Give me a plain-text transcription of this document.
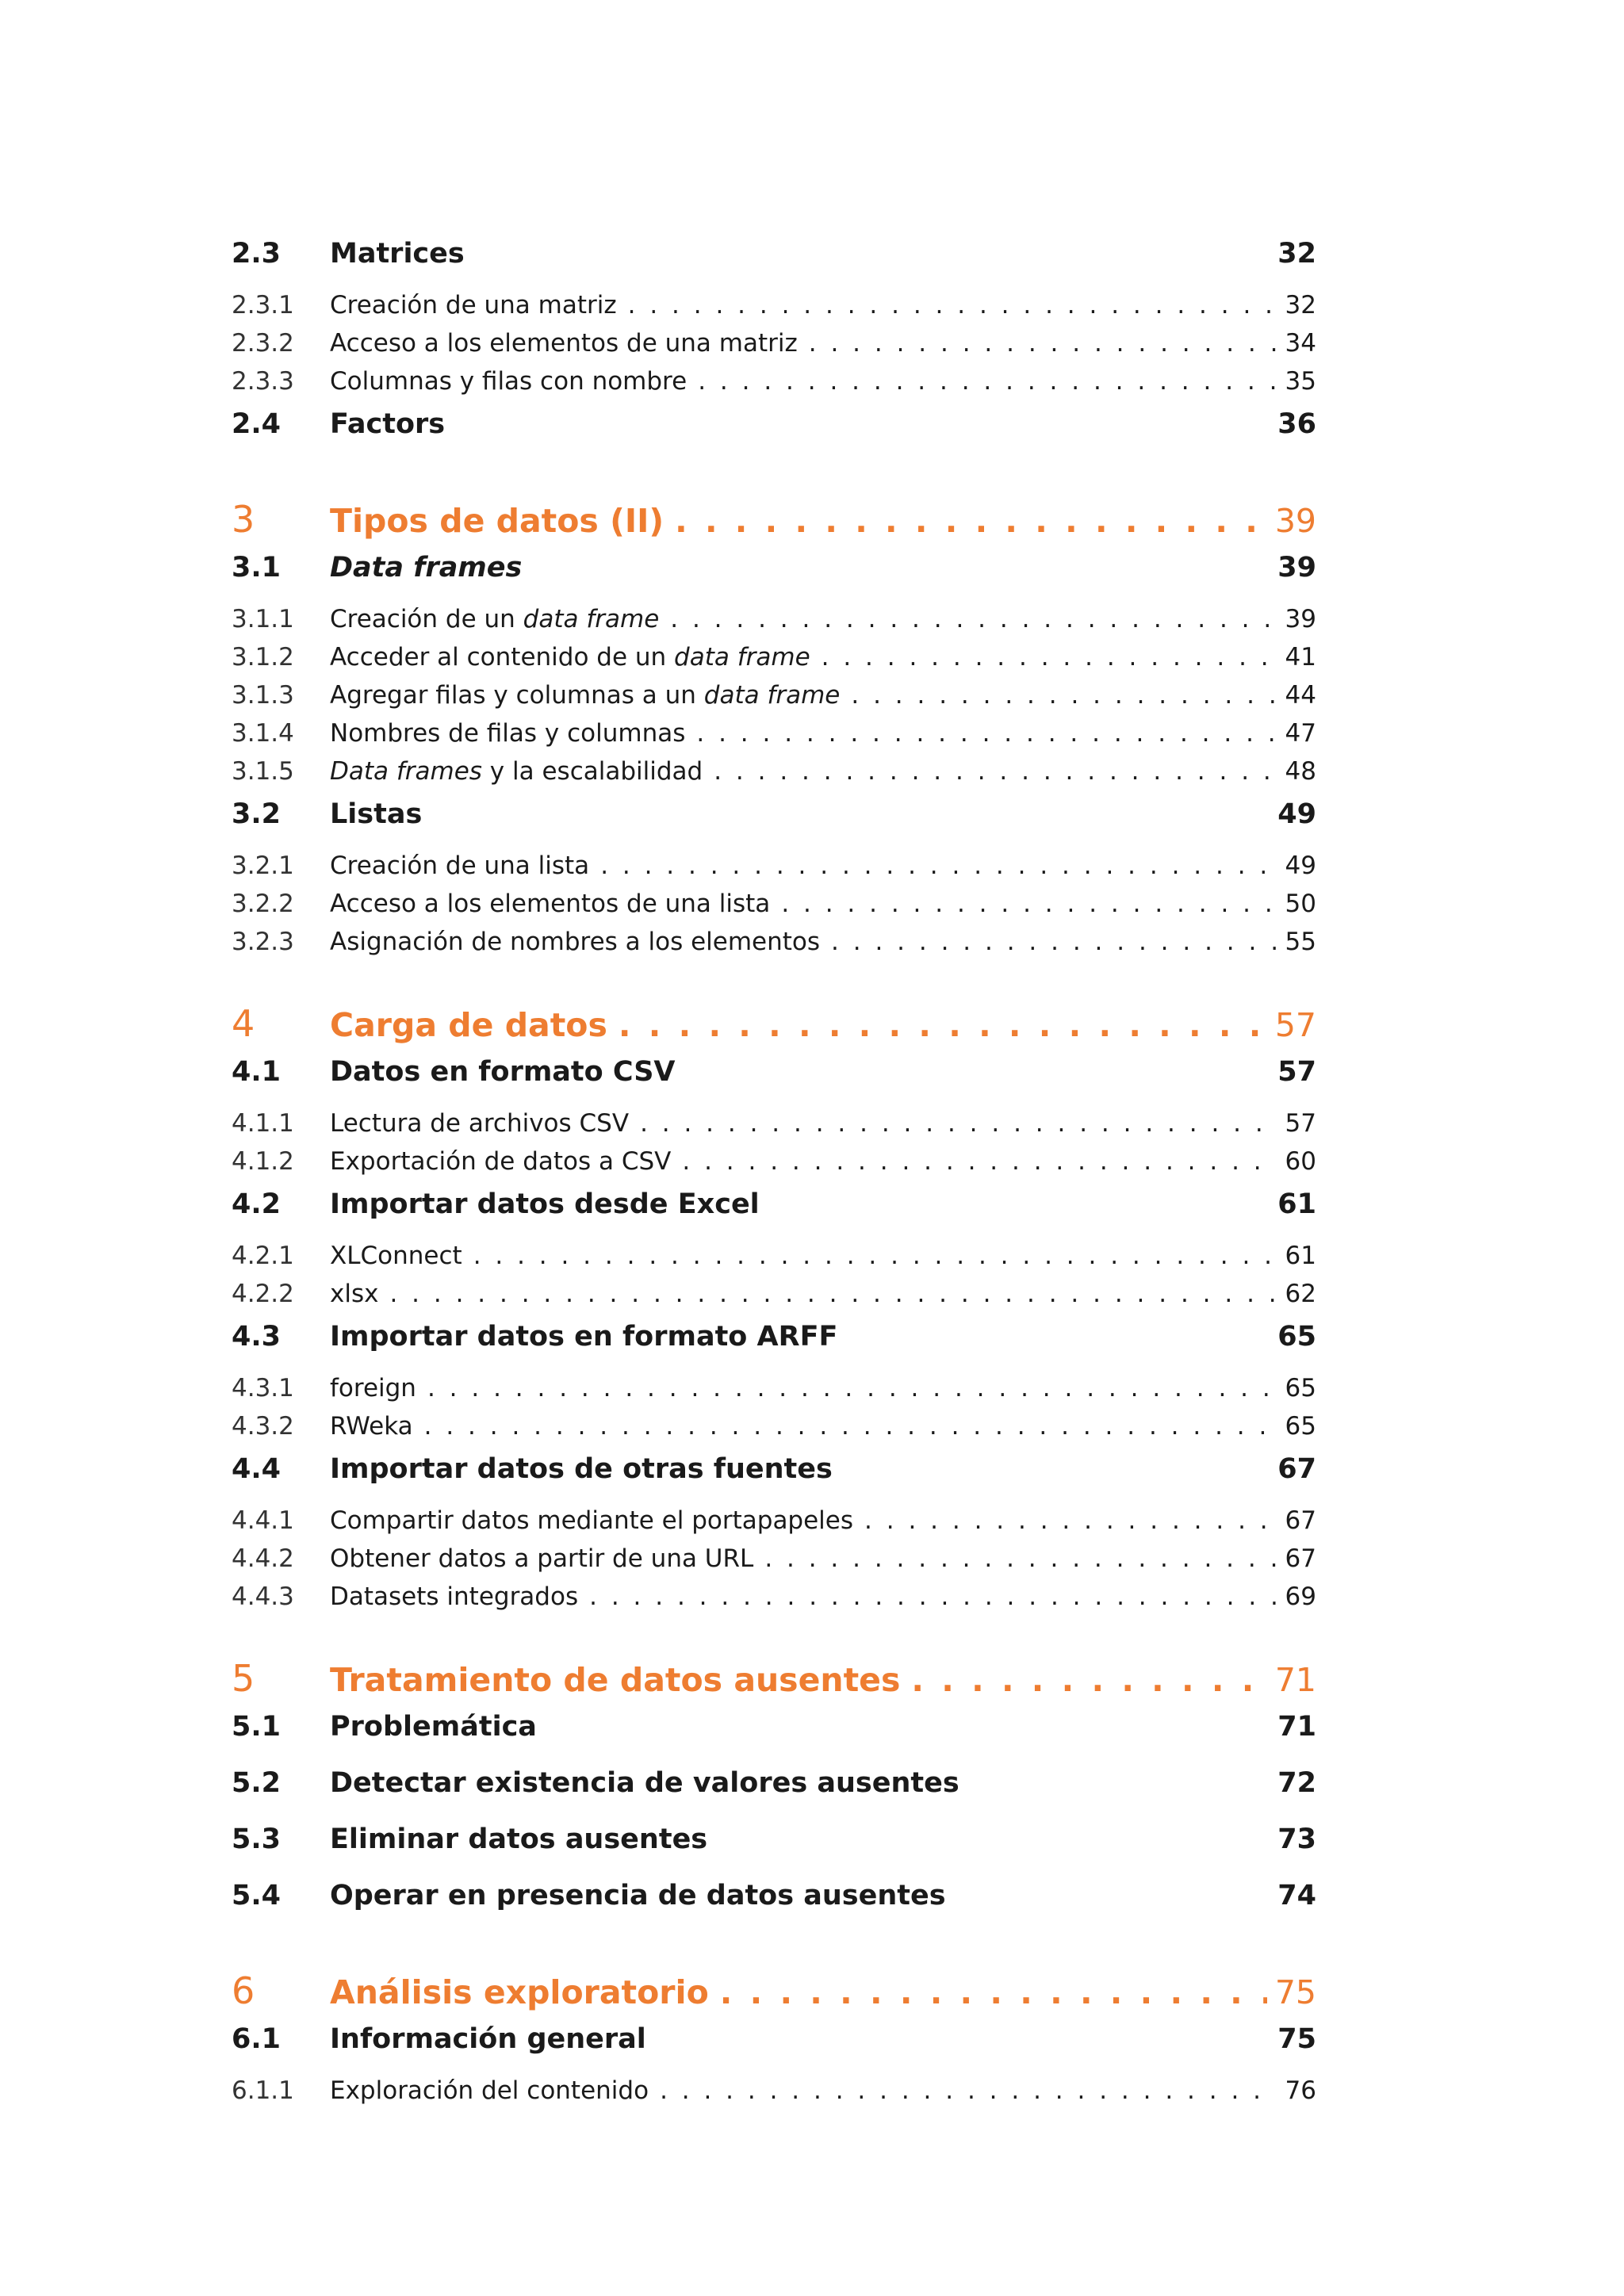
2.3	Matrices	32
2.3.1	Creación de una matriz . . .	32
2.3.2	Acceso a los elementos de una matriz . . .	34
2.3.3	Columnas y filas con nombre . . .	35
2.4	Factors	36
3	Tipos de datos (II) . . .	39
3.1	Data frames	39
3.1.1	Creación de un data frame . . .	39
3.1.2	Acceder al contenido de un data frame . . .	41
3.1.3	Agregar filas y columnas a un data frame . . .	44
3.1.4	Nombres de filas y columnas . . .	47
3.1.5	Data frames y la escalabilidad . . .	48
3.2	Listas	49
3.2.1	Creación de una lista . . .	49
3.2.2	Acceso a los elementos de una lista . . .	50
3.2.3	Asignación de nombres a los elementos . . .	55
4	Carga de datos . . .	57
4.1	Datos en formato CSV	57
4.1.1	Lectura de archivos CSV . . .	57
4.1.2	Exportación de datos a CSV . . .	60
4.2	Importar datos desde Excel	61
4.2.1	XLConnect . . .	61
4.2.2	xlsx . . .	62
4.3	Importar datos en formato ARFF	65
4.3.1	foreign . . .	65
4.3.2	RWeka . . .	65
4.4	Importar datos de otras fuentes	67
4.4.1	Compartir datos mediante el portapapeles . . .	67
4.4.2	Obtener datos a partir de una URL . . .	67
4.4.3	Datasets integrados . . .	69
5	Tratamiento de datos ausentes . . .	71
5.1	Problemática	71
5.2	Detectar existencia de valores ausentes	72
5.3	Eliminar datos ausentes	73
5.4	Operar en presencia de datos ausentes	74
6	Análisis exploratorio . . .	75
6.1	Información general	75
6.1.1	Exploración del contenido . . .	76
